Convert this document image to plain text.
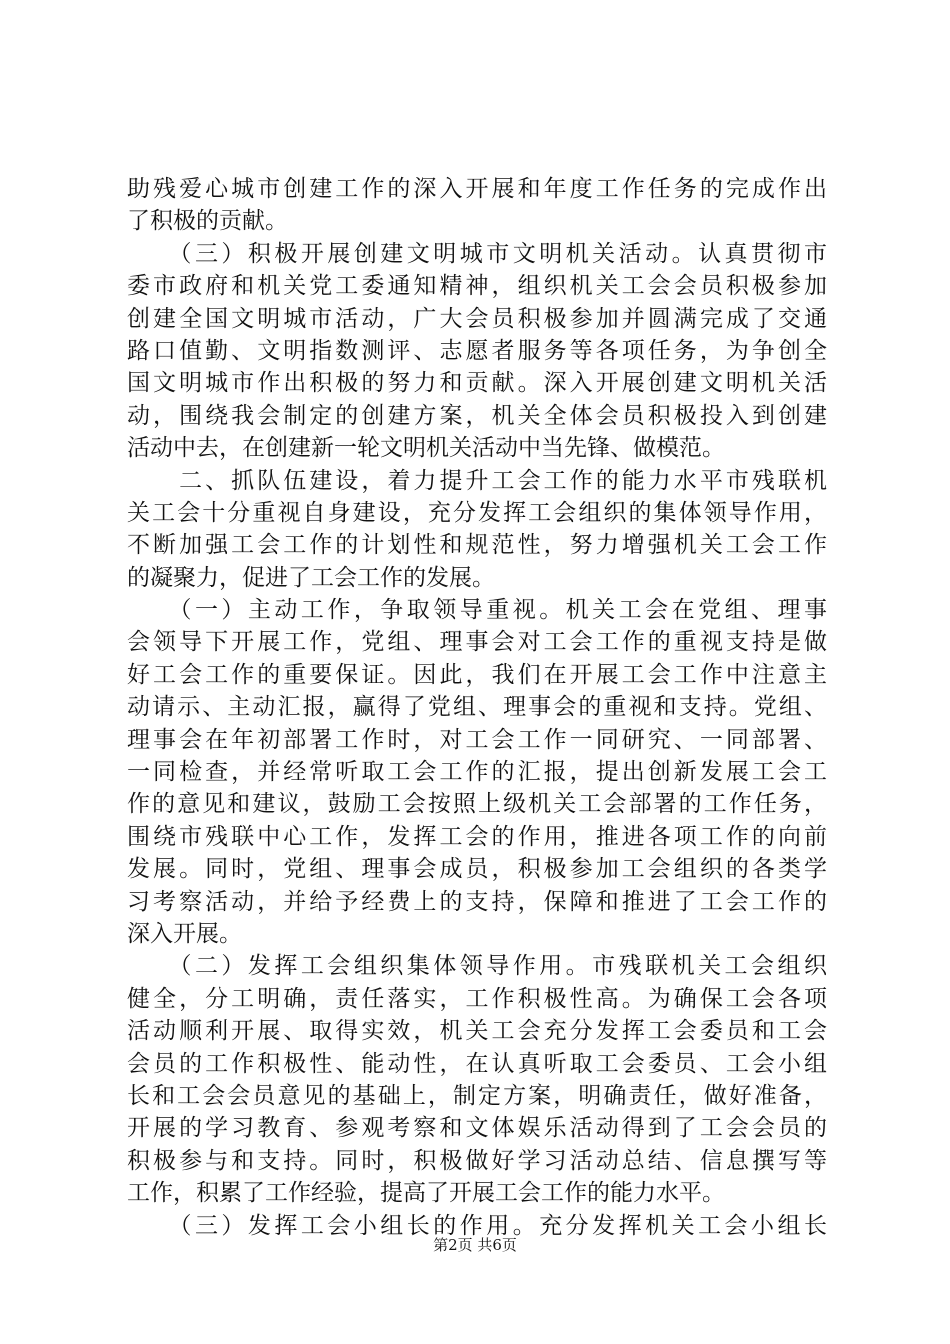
助残爱心城市创建工作的深入开展和年度工作任务的完成作出
了积极的贡献。
　　（三）积极开展创建文明城市文明机关活动。认真贯彻市
委市政府和机关党工委通知精神，组织机关工会会员积极参加
创建全国文明城市活动，广大会员积极参加并圆满完成了交通
路口值勤、文明指数测评、志愿者服务等各项任务，为争创全
国文明城市作出积极的努力和贡献。深入开展创建文明机关活
动，围绕我会制定的创建方案，机关全体会员积极投入到创建
活动中去，在创建新一轮文明机关活动中当先锋、做模范。
　　二、抓队伍建设，着力提升工会工作的能力水平市残联机
关工会十分重视自身建设，充分发挥工会组织的集体领导作用，
不断加强工会工作的计划性和规范性，努力增强机关工会工作
的凝聚力，促进了工会工作的发展。
　　（一）主动工作，争取领导重视。机关工会在党组、理事
会领导下开展工作，党组、理事会对工会工作的重视支持是做
好工会工作的重要保证。因此，我们在开展工会工作中注意主
动请示、主动汇报，赢得了党组、理事会的重视和支持。党组、
理事会在年初部署工作时，对工会工作一同研究、一同部署、
一同检查，并经常听取工会工作的汇报，提出创新发展工会工
作的意见和建议，鼓励工会按照上级机关工会部署的工作任务，
围绕市残联中心工作，发挥工会的作用，推进各项工作的向前
发展。同时，党组、理事会成员，积极参加工会组织的各类学
习考察活动，并给予经费上的支持，保障和推进了工会工作的
深入开展。
　　（二）发挥工会组织集体领导作用。市残联机关工会组织
健全，分工明确，责任落实，工作积极性高。为确保工会各项
活动顺利开展、取得实效，机关工会充分发挥工会委员和工会
会员的工作积极性、能动性，在认真听取工会委员、工会小组
长和工会会员意见的基础上，制定方案，明确责任，做好准备，
开展的学习教育、参观考察和文体娱乐活动得到了工会会员的
积极参与和支持。同时，积极做好学习活动总结、信息撰写等
工作，积累了工作经验，提高了开展工会工作的能力水平。
　　（三）发挥工会小组长的作用。充分发挥机关工会小组长
第2页 共6页
